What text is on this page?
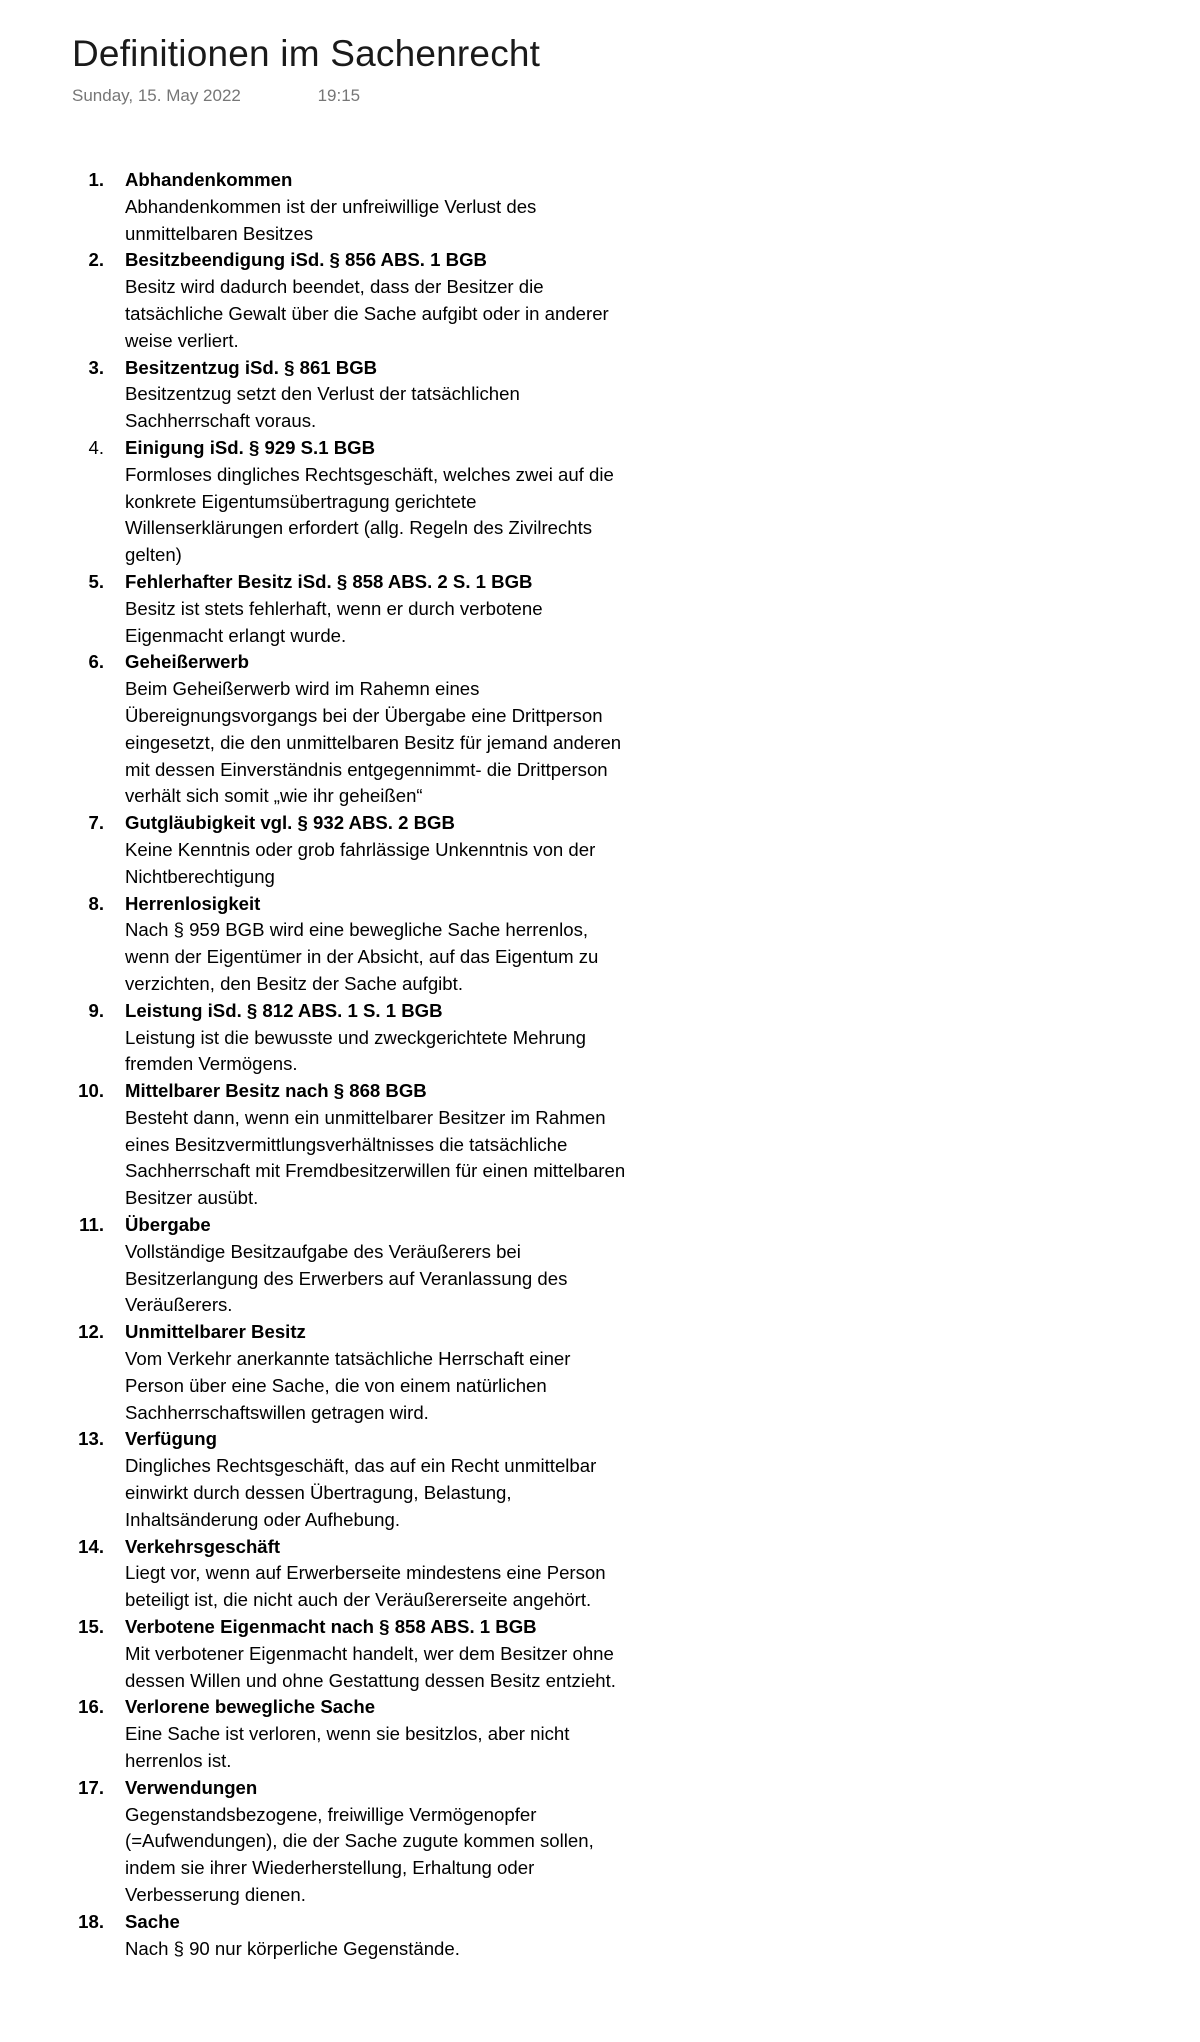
Definitionen im Sachenrecht
Sunday, 15. May 2022	19:15
1. Abhandenkommen
Abhandenkommen ist der unfreiwillige Verlust des unmittelbaren Besitzes
2. Besitzbeendigung iSd. § 856 ABS. 1 BGB
Besitz wird dadurch beendet, dass der Besitzer die tatsächliche Gewalt über die Sache aufgibt oder in anderer weise verliert.
3. Besitzentzug iSd. § 861 BGB
Besitzentzug setzt den Verlust der tatsächlichen Sachherrschaft voraus.
4. Einigung iSd. § 929 S.1 BGB
Formloses dingliches Rechtsgeschäft, welches zwei auf die konkrete Eigentumsübertragung gerichtete Willenserklärungen erfordert (allg. Regeln des Zivilrechts gelten)
5. Fehlerhafter Besitz iSd. § 858 ABS. 2 S. 1 BGB
Besitz ist stets fehlerhaft, wenn er durch verbotene Eigenmacht erlangt wurde.
6. Geheißerwerb
Beim Geheißerwerb wird im Rahemn eines Übereignungsvorgangs bei der Übergabe eine Drittperson eingesetzt, die den unmittelbaren Besitz für jemand anderen mit dessen Einverständnis entgegennimmt- die Drittperson verhält sich somit „wie ihr geheißen“
7. Gutgläubigkeit vgl. § 932 ABS. 2 BGB
Keine Kenntnis oder grob fahrlässige Unkenntnis von der Nichtberechtigung
8. Herrenlosigkeit
Nach § 959 BGB wird eine bewegliche Sache herrenlos, wenn der Eigentümer in der Absicht, auf das Eigentum zu verzichten, den Besitz der Sache aufgibt.
9. Leistung iSd. § 812 ABS. 1 S. 1 BGB
Leistung ist die bewusste und zweckgerichtete Mehrung fremden Vermögens.
10. Mittelbarer Besitz nach § 868 BGB
Besteht dann, wenn ein unmittelbarer Besitzer im Rahmen eines Besitzvermittlungsverhältnisses die tatsächliche Sachherrschaft mit Fremdbesitzerwillen für einen mittelbaren Besitzer ausübt.
11. Übergabe
Vollständige Besitzaufgabe des Veräußerers bei Besitzerlangung des Erwerbers auf Veranlassung des Veräußerers.
12. Unmittelbarer Besitz
Vom Verkehr anerkannte tatsächliche Herrschaft einer Person über eine Sache, die von einem natürlichen Sachherrschaftswillen getragen wird.
13. Verfügung
Dingliches Rechtsgeschäft, das auf ein Recht unmittelbar einwirkt durch dessen Übertragung, Belastung, Inhaltsänderung oder Aufhebung.
14. Verkehrsgeschäft
Liegt vor, wenn auf Erwerberseite mindestens eine Person beteiligt ist, die nicht auch der Veräußererseite angehört.
15. Verbotene Eigenmacht nach § 858 ABS. 1 BGB
Mit verbotener Eigenmacht handelt, wer dem Besitzer ohne dessen Willen und ohne Gestattung dessen Besitz entzieht.
16. Verlorene bewegliche Sache
Eine Sache ist verloren, wenn sie besitzlos, aber nicht herrenlos ist.
17. Verwendungen
Gegenstandsbezogene, freiwillige Vermögenopfer (=Aufwendungen), die der Sache zugute kommen sollen, indem sie ihrer Wiederherstellung, Erhaltung oder Verbesserung dienen.
18. Sache
Nach § 90 nur körperliche Gegenstände.
